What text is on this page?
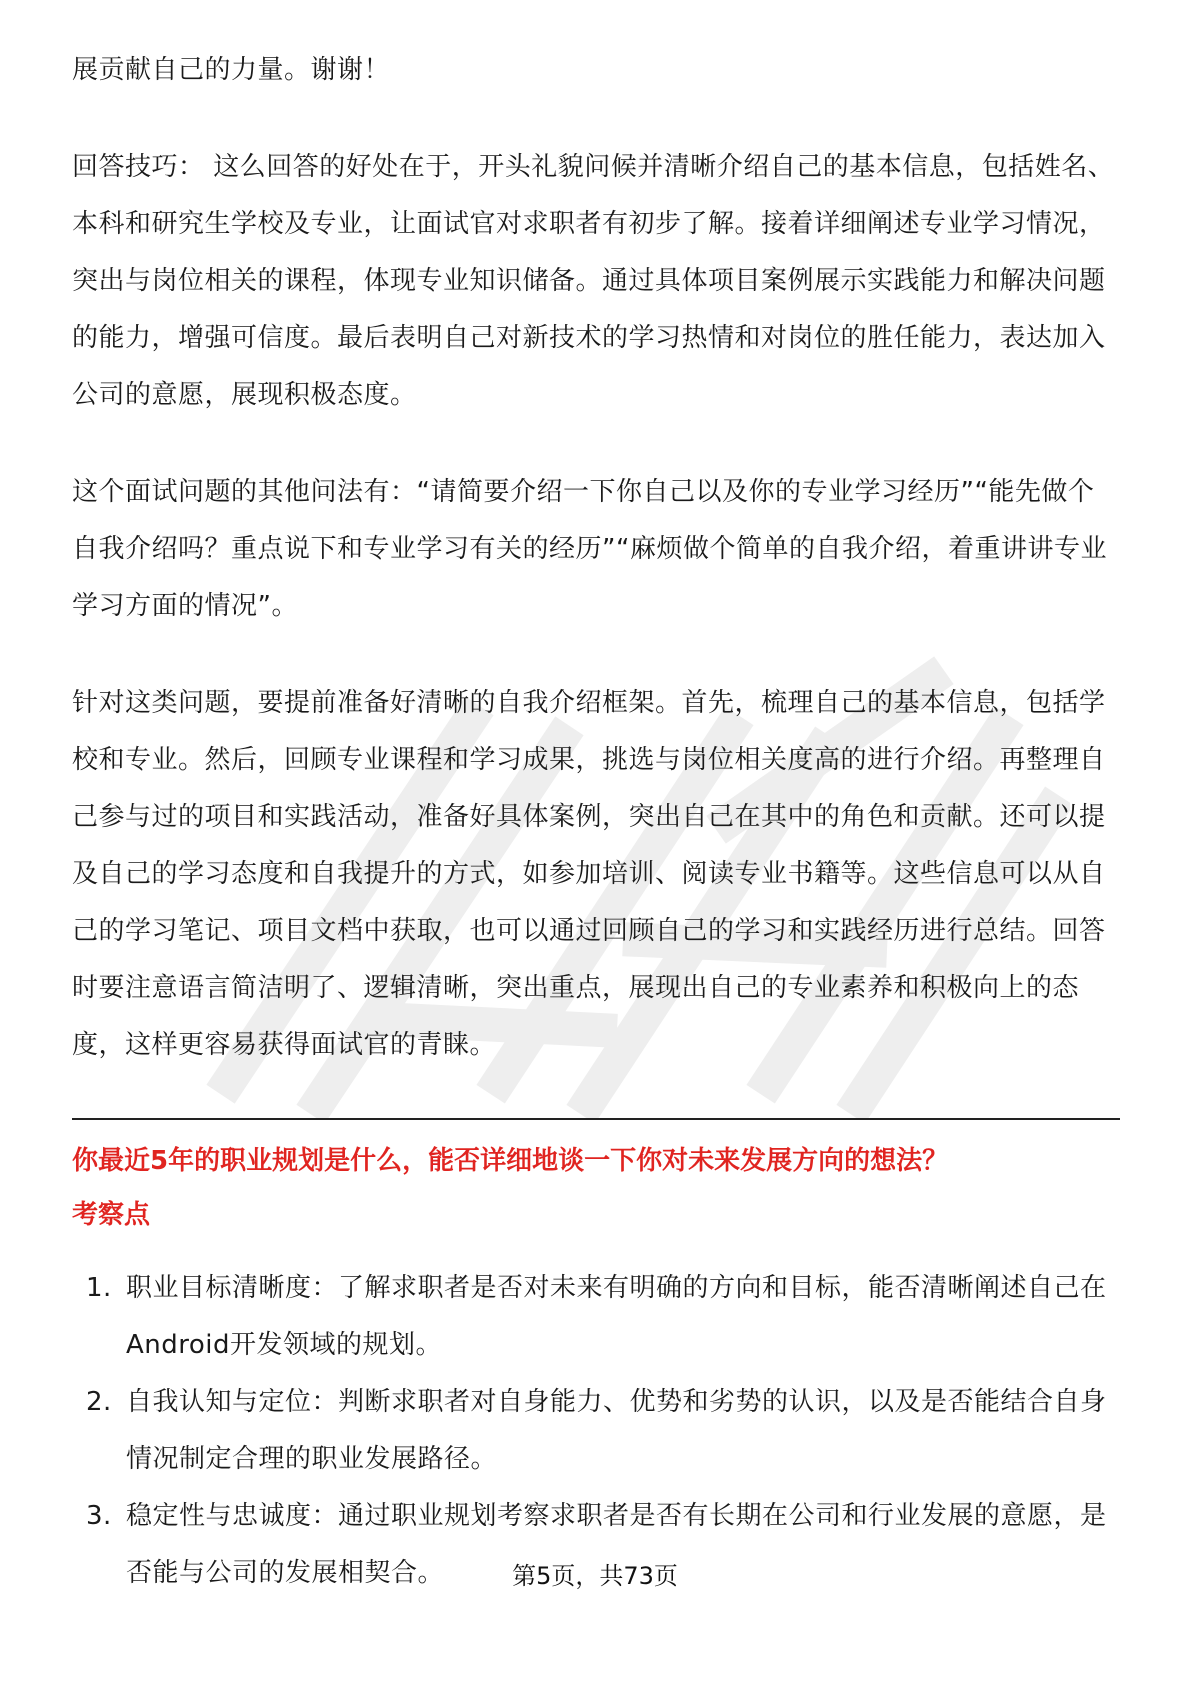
展贡献自己的力量。谢谢！

回答技巧： 这么回答的好处在于，开头礼貌问候并清晰介绍自己的基本信息，包括姓名、本科和研究生学校及专业，让面试官对求职者有初步了解。接着详细阐述专业学习情况，突出与岗位相关的课程，体现专业知识储备。通过具体项目案例展示实践能力和解决问题的能力，增强可信度。最后表明自己对新技术的学习热情和对岗位的胜任能力，表达加入公司的意愿，展现积极态度。

这个面试问题的其他问法有：“请简要介绍一下你自己以及你的专业学习经历”“能先做个自我介绍吗？重点说下和专业学习有关的经历”“麻烦做个简单的自我介绍，着重讲讲专业学习方面的情况”。

针对这类问题，要提前准备好清晰的自我介绍框架。首先，梳理自己的基本信息，包括学校和专业。然后，回顾专业课程和学习成果，挑选与岗位相关度高的进行介绍。再整理自己参与过的项目和实践活动，准备好具体案例，突出自己在其中的角色和贡献。还可以提及自己的学习态度和自我提升的方式，如参加培训、阅读专业书籍等。这些信息可以从自己的学习笔记、项目文档中获取，也可以通过回顾自己的学习和实践经历进行总结。回答时要注意语言简洁明了、逻辑清晰，突出重点，展现出自己的专业素养和积极向上的态度，这样更容易获得面试官的青睐。

你最近5年的职业规划是什么，能否详细地谈一下你对未来发展方向的想法？
考察点
1. 职业目标清晰度：了解求职者是否对未来有明确的方向和目标，能否清晰阐述自己在Android开发领域的规划。
2. 自我认知与定位：判断求职者对自身能力、优势和劣势的认识，以及是否能结合自身情况制定合理的职业发展路径。
3. 稳定性与忠诚度：通过职业规划考察求职者是否有长期在公司和行业发展的意愿，是否能与公司的发展相契合。	第5页，共73页
